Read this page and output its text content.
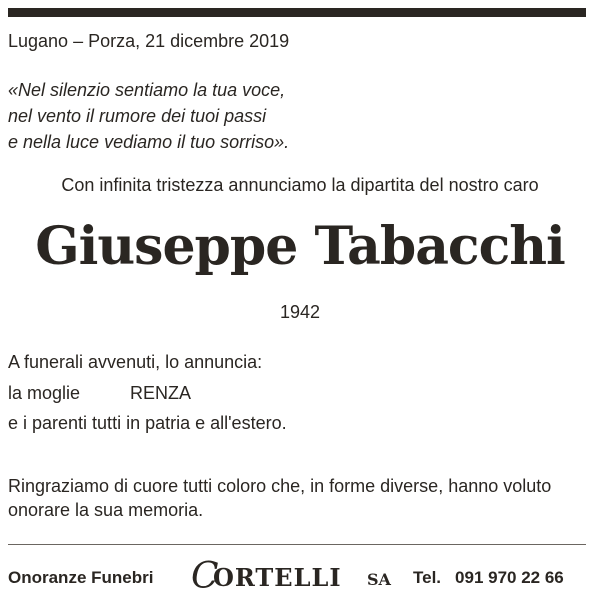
Lugano – Porza, 21 dicembre 2019
«Nel silenzio sentiamo la tua voce,
nel vento il rumore dei tuoi passi
e nella luce vediamo il tuo sorriso».
Con infinita tristezza annunciamo la dipartita del nostro caro
Giuseppe Tabacchi
1942
A funerali avvenuti, lo annuncia:
la moglie	RENZA
e i parenti tutti in patria e all'estero.
Ringraziamo di cuore tutti coloro che, in forme diverse, hanno voluto onorare la sua memoria.
Onoranze Funebri C
ORTELLI SA Tel. 091 970 22 66
